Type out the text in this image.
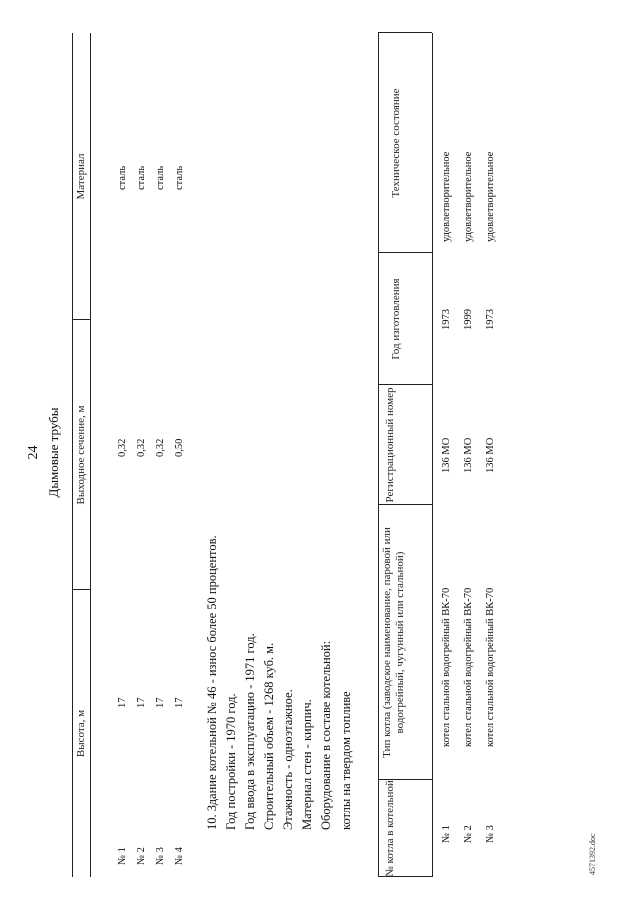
24 Дымовые трубы
Высота, м
Выходное сечение, м
Материал
№ 1
17
0,32
сталь
№ 2
17
0,32
сталь
№ 3
17
0,32
сталь
№ 4
17
0,50
сталь
10. Здание котельной № 46 - износ более 50 процентов. Год постройки - 1970 год. Год ввода в эксплуатацию - 1971 год. Строительный объем - 1268 куб. м. Этажность - одноэтажное. Материал стен - кирпич. Оборудование в составе котельной: котлы на твердом топливе	№ котла в котельной
Тип котла (заводское наименование, паровой или водогрейный, чугунный или стальной)
Регистрационный номер
Год изготовления
Техническое состояние
№ 1
котел стальной водогрейный ВК-70
136 МО
1973
удовлетворительное
№ 2
котел стальной водогрейный ВК-70
136 МО
1999
удовлетворительное
№ 3
котел стальной водогрейный ВК-70
136 МО
1973
удовлетворительное
4571392.doc
